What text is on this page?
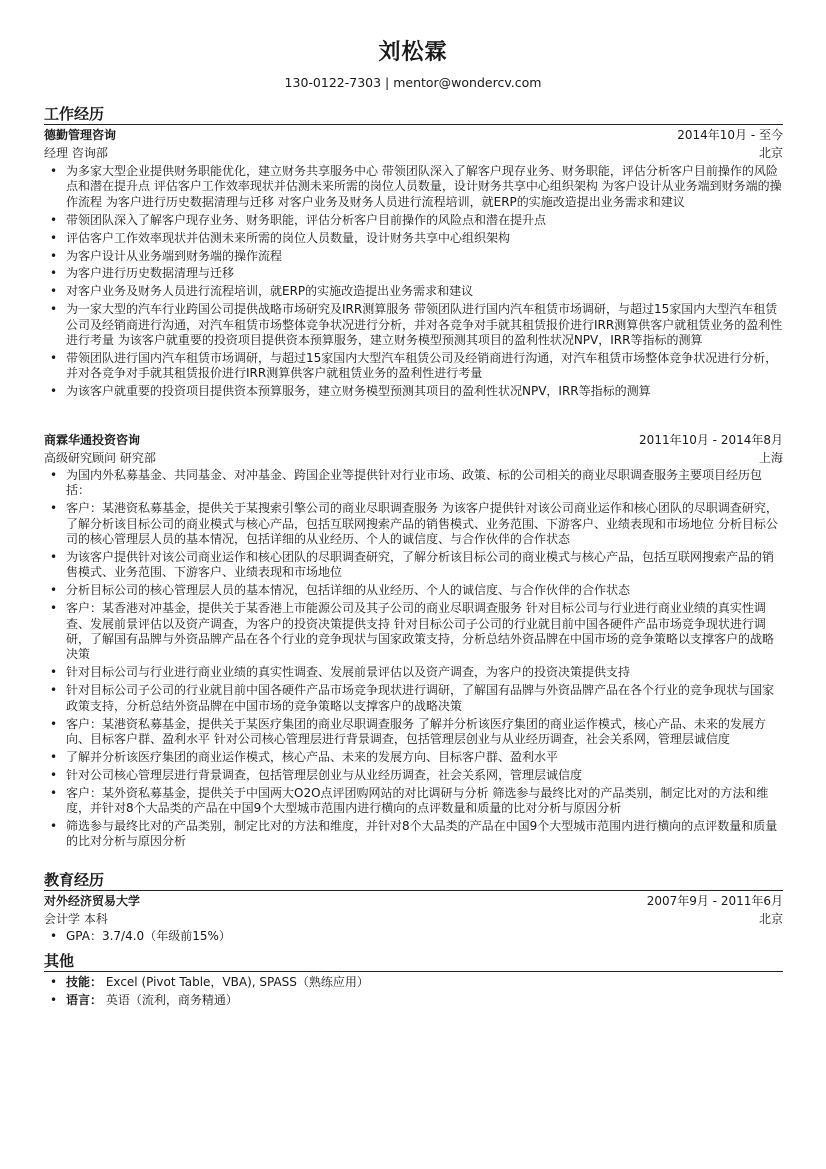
刘松霖
130-0122-7303 | mentor@wondercv.com
工作经历
德勤管理咨询	2014年10月 - 至今
经理 咨询部	北京
• 为多家大型企业提供财务职能优化，建立财务共享服务中心 带领团队深入了解客户现存业务、财务职能，评估分析客户目前操作的风险点和潜在提升点 评估客户工作效率现状并估测未来所需的岗位人员数量，设计财务共享中心组织架构 为客户设计从业务端到财务端的操作流程 为客户进行历史数据清理与迁移 对客户业务及财务人员进行流程培训，就ERP的实施改造提出业务需求和建议
• 带领团队深入了解客户现存业务、财务职能，评估分析客户目前操作的风险点和潜在提升点
• 评估客户工作效率现状并估测未来所需的岗位人员数量，设计财务共享中心组织架构
• 为客户设计从业务端到财务端的操作流程
• 为客户进行历史数据清理与迁移
• 对客户业务及财务人员进行流程培训，就ERP的实施改造提出业务需求和建议
• 为一家大型的汽车行业跨国公司提供战略市场研究及IRR测算服务 带领团队进行国内汽车租赁市场调研，与超过15家国内大型汽车租赁公司及经销商进行沟通，对汽车租赁市场整体竞争状况进行分析，并对各竞争对手就其租赁报价进行IRR测算供客户就租赁业务的盈利性进行考量 为该客户就重要的投资项目提供资本预算服务，建立财务模型预测其项目的盈利性状况NPV，IRR等指标的测算
• 带领团队进行国内汽车租赁市场调研，与超过15家国内大型汽车租赁公司及经销商进行沟通，对汽车租赁市场整体竞争状况进行分析，并对各竞争对手就其租赁报价进行IRR测算供客户就租赁业务的盈利性进行考量
• 为该客户就重要的投资项目提供资本预算服务，建立财务模型预测其项目的盈利性状况NPV，IRR等指标的测算
商霖华通投资咨询	2011年10月 - 2014年8月
高级研究顾问 研究部	上海
• 为国内外私募基金、共同基金、对冲基金、跨国企业等提供针对行业市场、政策、标的公司相关的商业尽职调查服务主要项目经历包括：
• 客户：某港资私募基金，提供关于某搜索引擎公司的商业尽职调查服务 为该客户提供针对该公司商业运作和核心团队的尽职调查研究，了解分析该目标公司的商业模式与核心产品，包括互联网搜索产品的销售模式、业务范围、下游客户、业绩表现和市场地位 分析目标公司的核心管理层人员的基本情况，包括详细的从业经历、个人的诚信度、与合作伙伴的合作状态
• 为该客户提供针对该公司商业运作和核心团队的尽职调查研究，了解分析该目标公司的商业模式与核心产品，包括互联网搜索产品的销售模式、业务范围、下游客户、业绩表现和市场地位
• 分析目标公司的核心管理层人员的基本情况，包括详细的从业经历、个人的诚信度、与合作伙伴的合作状态
• 客户：某香港对冲基金，提供关于某香港上市能源公司及其子公司的商业尽职调查服务 针对目标公司与行业进行商业业绩的真实性调查、发展前景评估以及资产调查，为客户的投资决策提供支持 针对目标公司子公司的行业就目前中国各硬件产品市场竞争现状进行调研，了解国有品牌与外资品牌产品在各个行业的竞争现状与国家政策支持，分析总结外资品牌在中国市场的竞争策略以支撑客户的战略决策
• 针对目标公司与行业进行商业业绩的真实性调查、发展前景评估以及资产调查，为客户的投资决策提供支持
• 针对目标公司子公司的行业就目前中国各硬件产品市场竞争现状进行调研，了解国有品牌与外资品牌产品在各个行业的竞争现状与国家政策支持，分析总结外资品牌在中国市场的竞争策略以支撑客户的战略决策
• 客户：某港资私募基金，提供关于某医疗集团的商业尽职调查服务 了解并分析该医疗集团的商业运作模式，核心产品、未来的发展方向、目标客户群、盈利水平 针对公司核心管理层进行背景调查，包括管理层创业与从业经历调查，社会关系网，管理层诚信度
• 了解并分析该医疗集团的商业运作模式，核心产品、未来的发展方向、目标客户群、盈利水平
• 针对公司核心管理层进行背景调查，包括管理层创业与从业经历调查，社会关系网，管理层诚信度
• 客户：某外资私募基金，提供关于中国两大O2O点评团购网站的对比调研与分析 筛选参与最终比对的产品类别，制定比对的方法和维度，并针对8个大品类的产品在中国9个大型城市范围内进行横向的点评数量和质量的比对分析与原因分析
• 筛选参与最终比对的产品类别，制定比对的方法和维度，并针对8个大品类的产品在中国9个大型城市范围内进行横向的点评数量和质量的比对分析与原因分析
教育经历
对外经济贸易大学	2007年9月 - 2011年6月
会计学 本科	北京
• GPA：3.7/4.0（年级前15%）
其他
• 技能： Excel (Pivot Table，VBA), SPASS（熟练应用）
• 语言： 英语（流利，商务精通）
